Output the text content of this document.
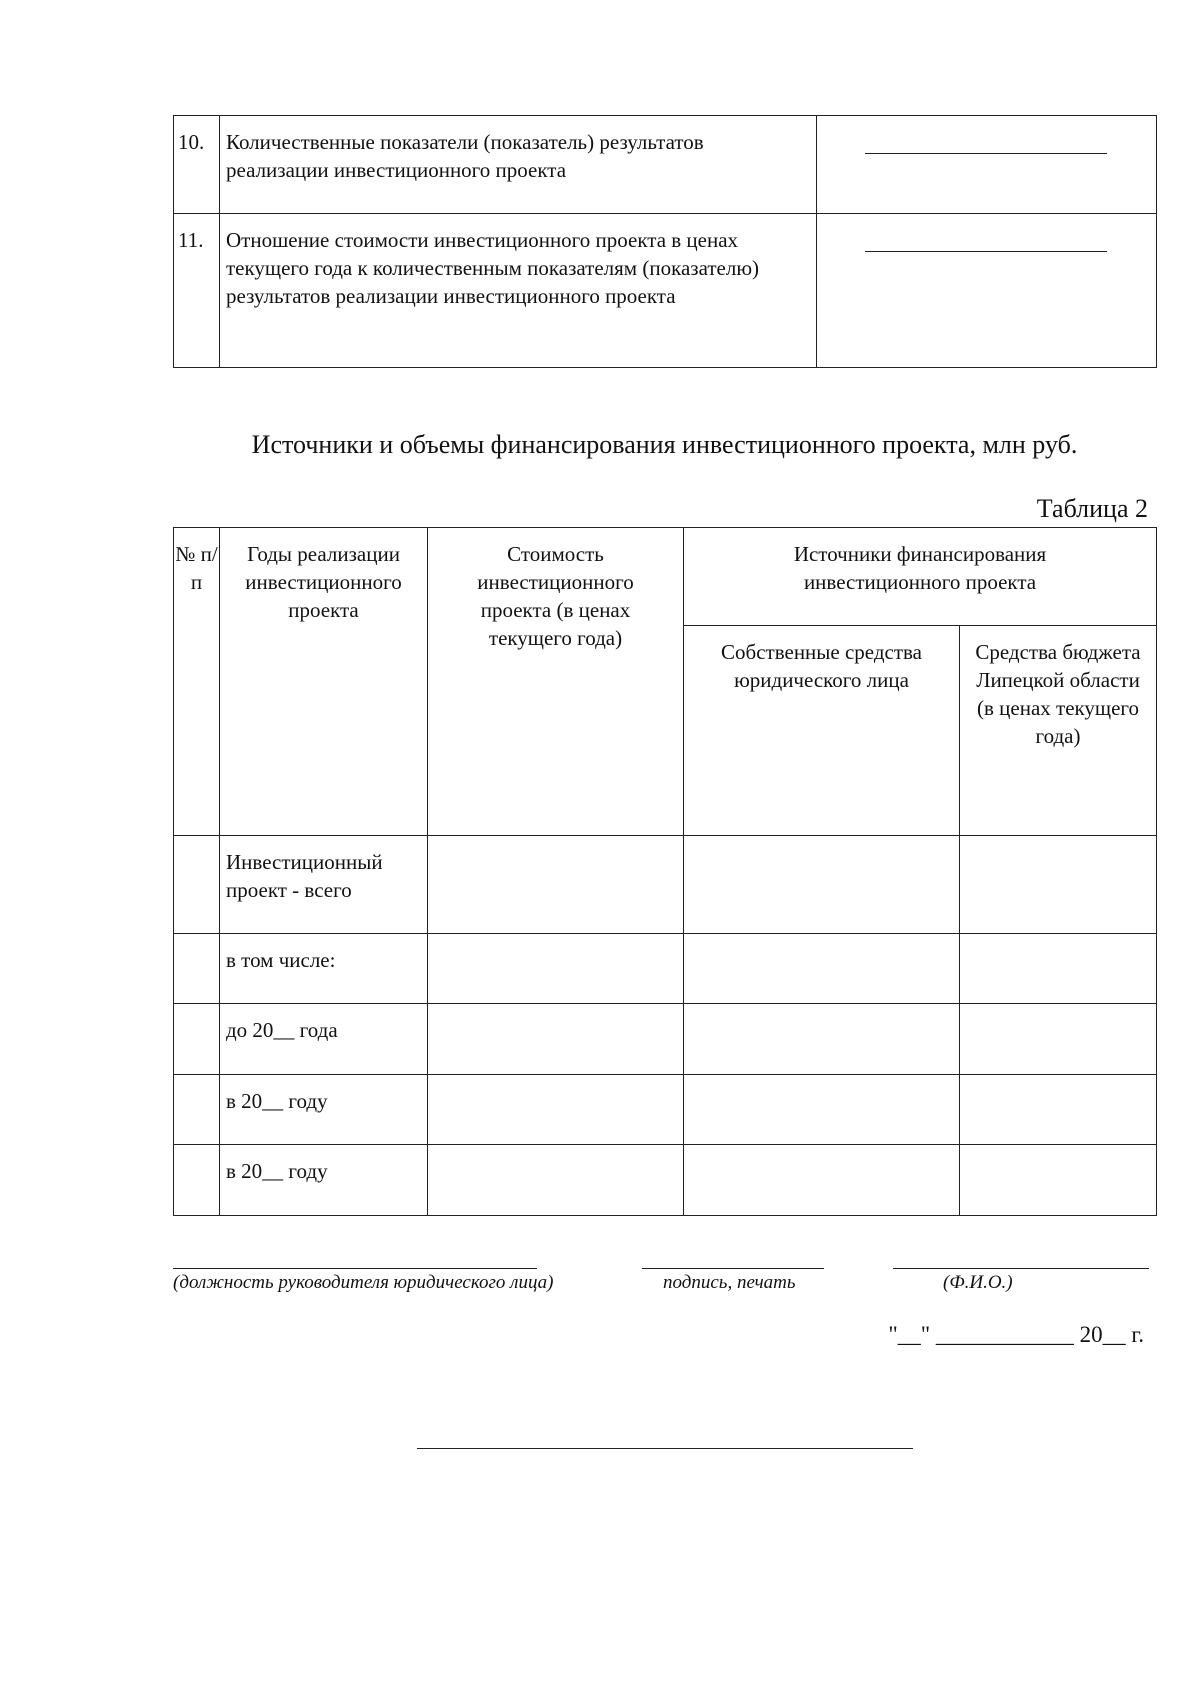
10.	Количественные показатели (показатель) результатов реализации инвестиционного проекта	

11.	Отношение стоимости инвестиционного проекта в ценах текущего года к количественным показателям (показателю) результатов реализации инвестиционного проекта	
Источники и объемы финансирования инвестиционного проекта, млн руб.
Таблица 2
№ п/п	Годы реализации инвестиционного проекта	Стоимость инвестиционного проекта (в ценах текущего года)	Источники финансирования инвестиционного проекта	
			Собственные средства юридического лица	Средства бюджета Липецкой области (в ценах текущего года)
	Инвестиционный проект - всего			
	в том числе:			
	до 20__ года			
	в 20__ году			
	в 20__ году			
(должность руководителя юридического лица)	подпись, печать	(Ф.И.О.)
"__" ____________ 20__ г.
